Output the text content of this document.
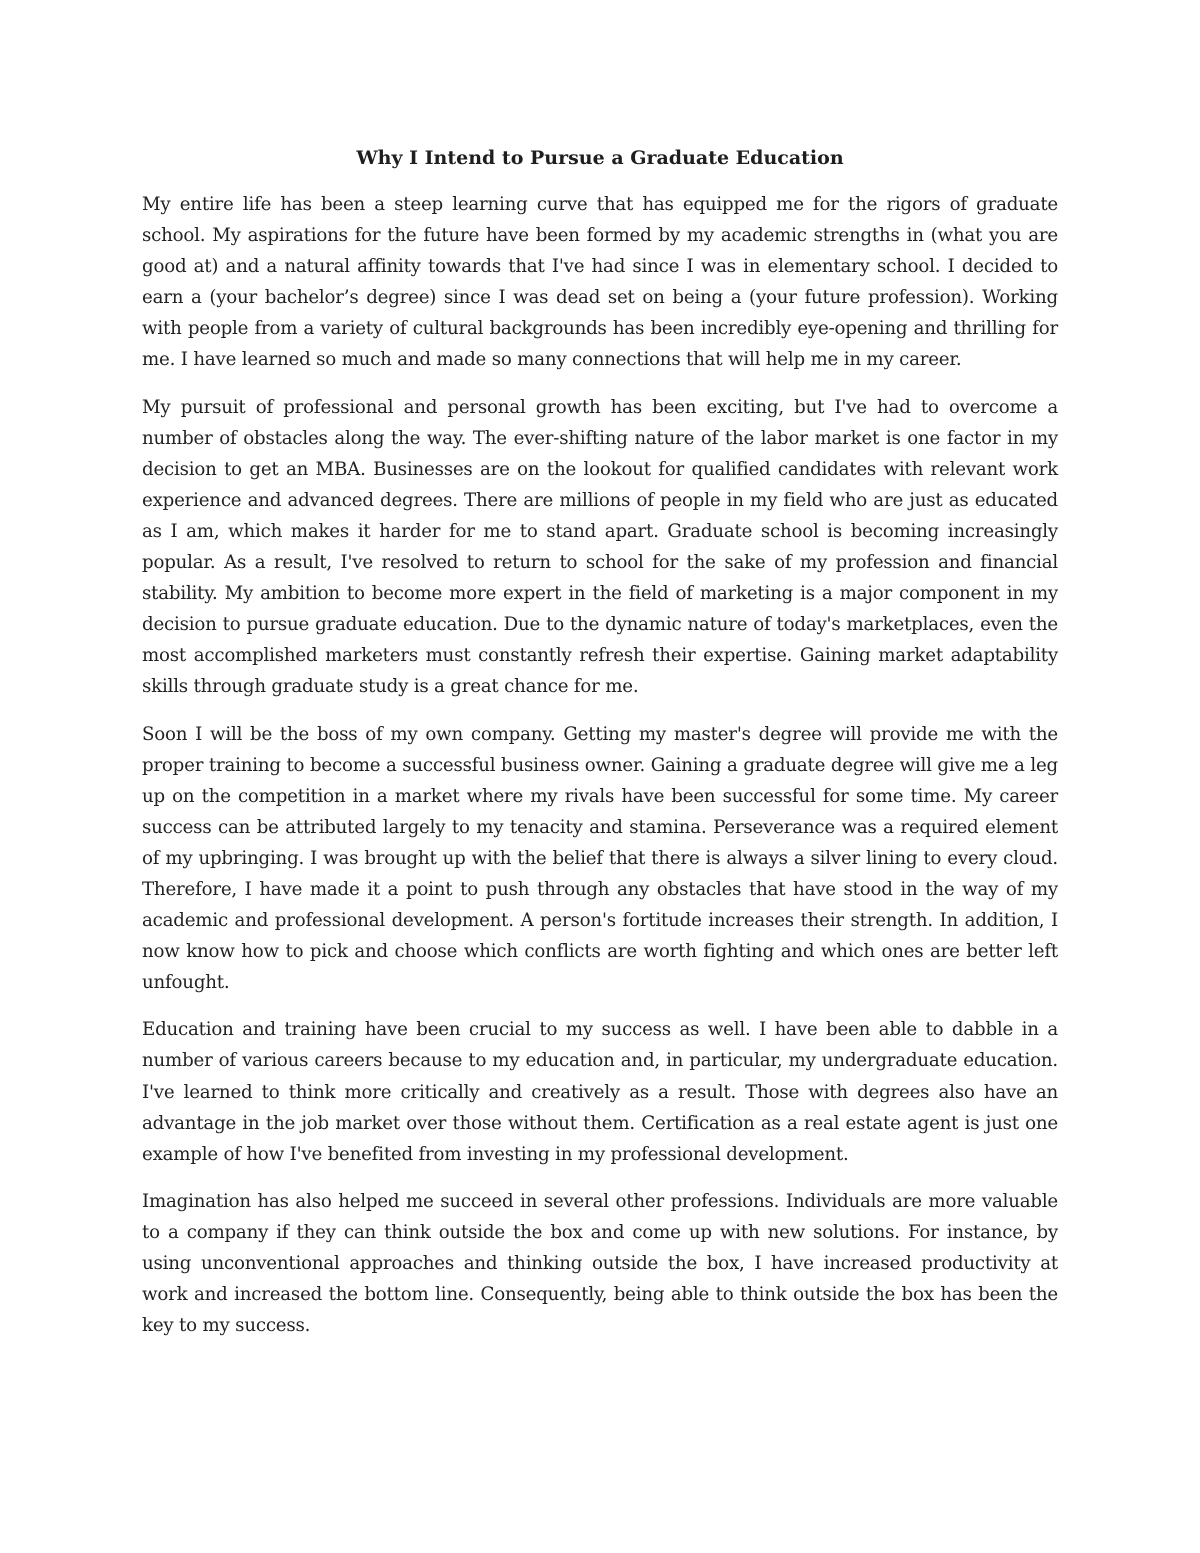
Why I Intend to Pursue a Graduate Education

My entire life has been a steep learning curve that has equipped me for the rigors of graduate school. My aspirations for the future have been formed by my academic strengths in (what you are good at) and a natural affinity towards that I've had since I was in elementary school. I decided to earn a (your bachelor’s degree) since I was dead set on being a (your future profession). Working with people from a variety of cultural backgrounds has been incredibly eye-opening and thrilling for me. I have learned so much and made so many connections that will help me in my career.

My pursuit of professional and personal growth has been exciting, but I've had to overcome a number of obstacles along the way. The ever-shifting nature of the labor market is one factor in my decision to get an MBA. Businesses are on the lookout for qualified candidates with relevant work experience and advanced degrees. There are millions of people in my field who are just as educated as I am, which makes it harder for me to stand apart. Graduate school is becoming increasingly popular. As a result, I've resolved to return to school for the sake of my profession and financial stability. My ambition to become more expert in the field of marketing is a major component in my decision to pursue graduate education. Due to the dynamic nature of today's marketplaces, even the most accomplished marketers must constantly refresh their expertise. Gaining market adaptability skills through graduate study is a great chance for me.

Soon I will be the boss of my own company. Getting my master's degree will provide me with the proper training to become a successful business owner. Gaining a graduate degree will give me a leg up on the competition in a market where my rivals have been successful for some time. My career success can be attributed largely to my tenacity and stamina. Perseverance was a required element of my upbringing. I was brought up with the belief that there is always a silver lining to every cloud. Therefore, I have made it a point to push through any obstacles that have stood in the way of my academic and professional development. A person's fortitude increases their strength. In addition, I now know how to pick and choose which conflicts are worth fighting and which ones are better left unfought.

Education and training have been crucial to my success as well. I have been able to dabble in a number of various careers because to my education and, in particular, my undergraduate education. I've learned to think more critically and creatively as a result. Those with degrees also have an advantage in the job market over those without them. Certification as a real estate agent is just one example of how I've benefited from investing in my professional development.

Imagination has also helped me succeed in several other professions. Individuals are more valuable to a company if they can think outside the box and come up with new solutions. For instance, by using unconventional approaches and thinking outside the box, I have increased productivity at work and increased the bottom line. Consequently, being able to think outside the box has been the key to my success.
